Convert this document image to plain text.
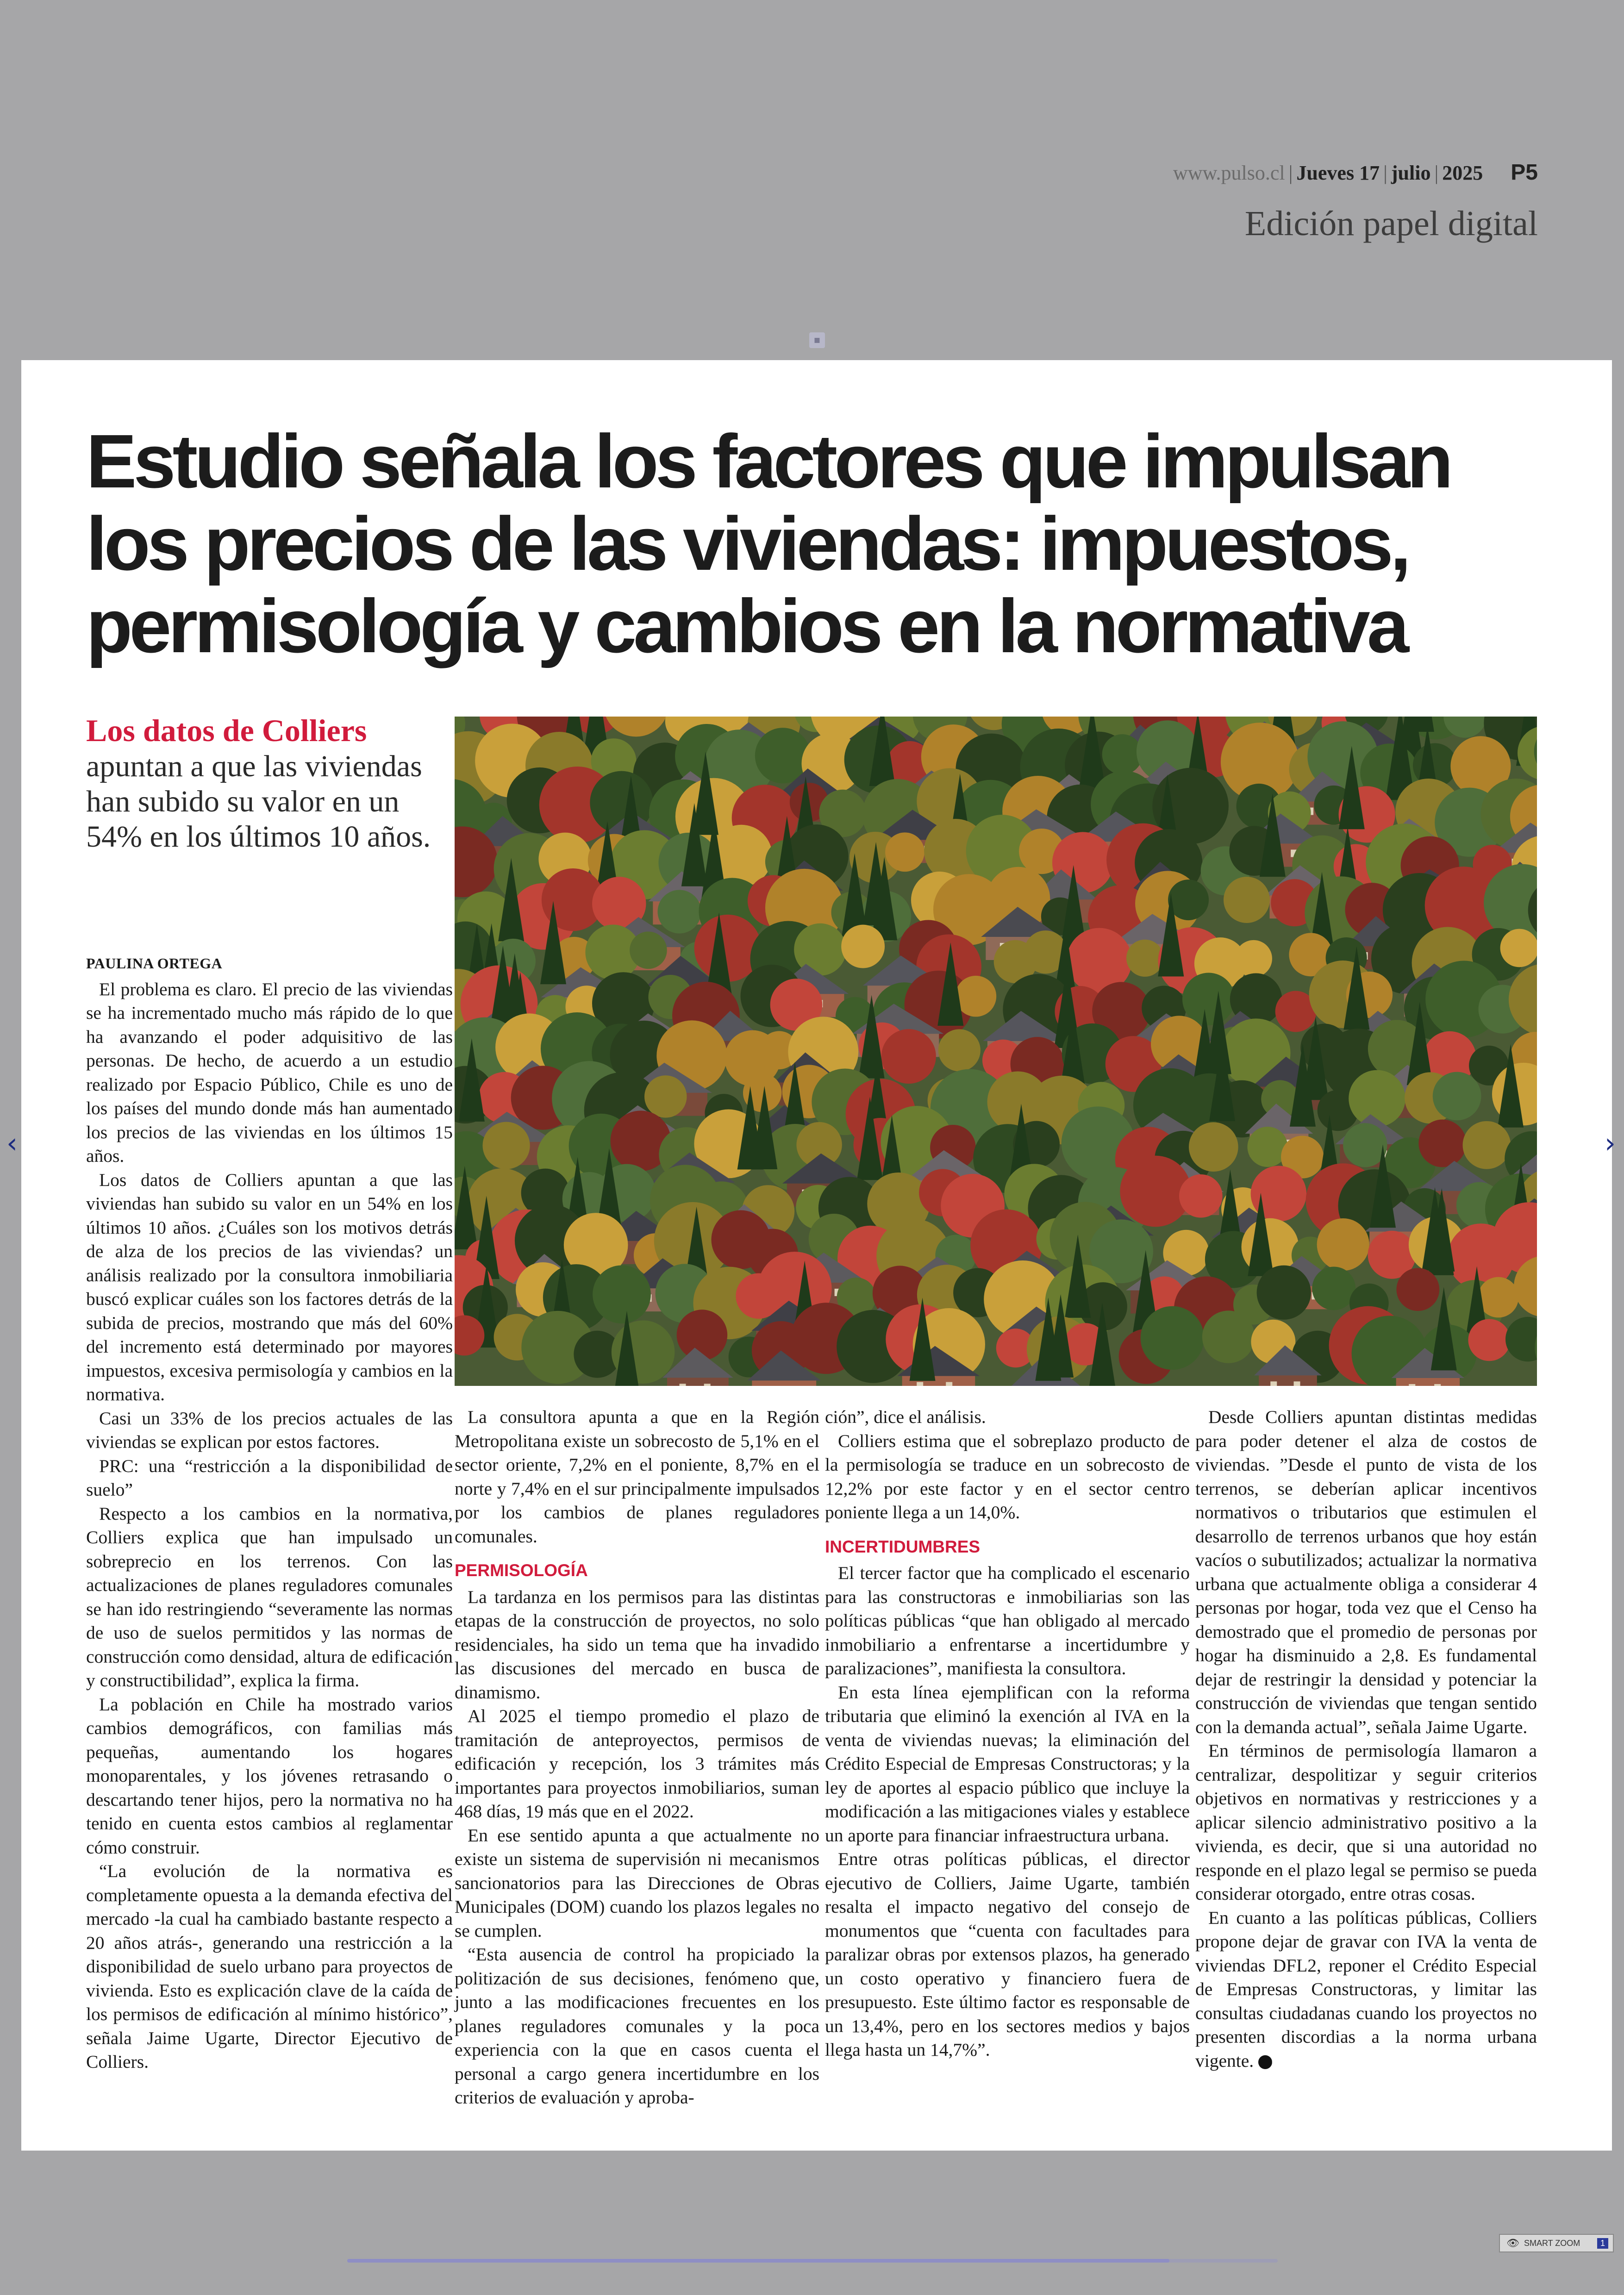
www.pulso.cl | Jueves 17 | julio | 2025 P5
Edición papel digital
▪
Estudio señala los factores que impulsan los precios de las viviendas: impuestos, permisología y cambios en la normativa
Los datos de Colliers
apuntan a que las viviendas han subido su valor en un 54% en los últimos 10 años.

PAULINA ORTEGA

El problema es claro. El precio de las viviendas se ha incrementado mucho más rápido de lo que ha avanzando el poder adquisitivo de las personas. De hecho, de acuerdo a un estudio realizado por Espacio Público, Chile es uno de los países del mundo donde más han aumentado los precios de las viviendas en los últimos 15 años.

Los datos de Colliers apuntan a que las viviendas han subido su valor en un 54% en los últimos 10 años. ¿Cuáles son los motivos detrás de alza de los precios de las viviendas? un análisis realizado por la consultora inmobiliaria buscó explicar cuáles son los factores detrás de la subida de precios, mostrando que más del 60% del incremento está determinado por mayores impuestos, excesiva permisología y cambios en la normativa.

Casi un 33% de los precios actuales de las viviendas se explican por estos factores.

PRC: una “restricción a la disponibilidad de suelo”

Respecto a los cambios en la normativa, Colliers explica que han impulsado un sobreprecio en los terrenos. Con las actualizaciones de planes reguladores comunales se han ido restringiendo “severamente las normas de uso de suelos permitidos y las normas de construcción como densidad, altura de edificación y constructibilidad”, explica la firma.

La población en Chile ha mostrado varios cambios demográficos, con familias más pequeñas, aumentando los hogares monoparentales, y los jóvenes retrasando o descartando tener hijos, pero la normativa no ha tenido en cuenta estos cambios al reglamentar cómo construir.

“La evolución de la normativa es completamente opuesta a la demanda efectiva del mercado -la cual ha cambiado bastante respecto a 20 años atrás-, generando una restricción a la disponibilidad de suelo urbano para proyectos de vivienda. Esto es explicación clave de la caída de los permisos de edificación al mínimo histórico”, señala Jaime Ugarte, Director Ejecutivo de Colliers.

La consultora apunta a que en la Región Metropolitana existe un sobrecosto de 5,1% en el sector oriente, 7,2% en el poniente, 8,7% en el norte y 7,4% en el sur principalmente impulsados por los cambios de planes reguladores comunales.

PERMISOLOGÍA

La tardanza en los permisos para las distintas etapas de la construcción de proyectos, no solo residenciales, ha sido un tema que ha invadido las discusiones del mercado en busca de dinamismo.

Al 2025 el tiempo promedio el plazo de tramitación de anteproyectos, permisos de edificación y recepción, los 3 trámites más importantes para proyectos inmobiliarios, suman 468 días, 19 más que en el 2022.

En ese sentido apunta a que actualmente no existe un sistema de supervisión ni mecanismos sancionatorios para las Direcciones de Obras Municipales (DOM) cuando los plazos legales no se cumplen.

“Esta ausencia de control ha propiciado la politización de sus decisiones, fenómeno que, junto a las modificaciones frecuentes en los planes reguladores comunales y la poca experiencia con la que en casos cuenta el personal a cargo genera incertidumbre en los criterios de evaluación y aproba-

ción”, dice el análisis.

Colliers estima que el sobreplazo producto de la permisología se traduce en un sobrecosto de 12,2% por este factor y en el sector centro poniente llega a un 14,0%.

INCERTIDUMBRES

El tercer factor que ha complicado el escenario para las constructoras e inmobiliarias son las políticas públicas “que han obligado al mercado inmobiliario a enfrentarse a incertidumbre y paralizaciones”, manifiesta la consultora.

En esta línea ejemplifican con la reforma tributaria que eliminó la exención al IVA en la venta de viviendas nuevas; la eliminación del Crédito Especial de Empresas Constructoras; y la ley de aportes al espacio público que incluye la modificación a las mitigaciones viales y establece un aporte para financiar infraestructura urbana.

Entre otras políticas públicas, el director ejecutivo de Colliers, Jaime Ugarte, también resalta el impacto negativo del consejo de monumentos que “cuenta con facultades para paralizar obras por extensos plazos, ha generado un costo operativo y financiero fuera de presupuesto. Este último factor es responsable de un 13,4%, pero en los sectores medios y bajos llega hasta un 14,7%”.

Desde Colliers apuntan distintas medidas para poder detener el alza de costos de viviendas. ”Desde el punto de vista de los terrenos, se deberían aplicar incentivos normativos o tributarios que estimulen el desarrollo de terrenos urbanos que hoy están vacíos o subutilizados; actualizar la normativa urbana que actualmente obliga a considerar 4 personas por hogar, toda vez que el Censo ha demostrado que el promedio de personas por hogar ha disminuido a 2,8. Es fundamental dejar de restringir la densidad y potenciar la construcción de viviendas que tengan sentido con la demanda actual”, señala Jaime Ugarte.

En términos de permisología llamaron a centralizar, despolitizar y seguir criterios objetivos en normativas y restricciones y a aplicar silencio administrativo positivo a la vivienda, es decir, que si una autoridad no responde en el plazo legal se permiso se pueda considerar otorgado, entre otras cosas.

En cuanto a las políticas públicas, Colliers propone dejar de gravar con IVA la venta de viviendas DFL2, reponer el Crédito Especial de Empresas Constructoras, y limitar las consultas ciudadanas cuando los proyectos no presenten discordias a la norma urbana vigente. P

‹	›
👁 SMART ZOOM	1
